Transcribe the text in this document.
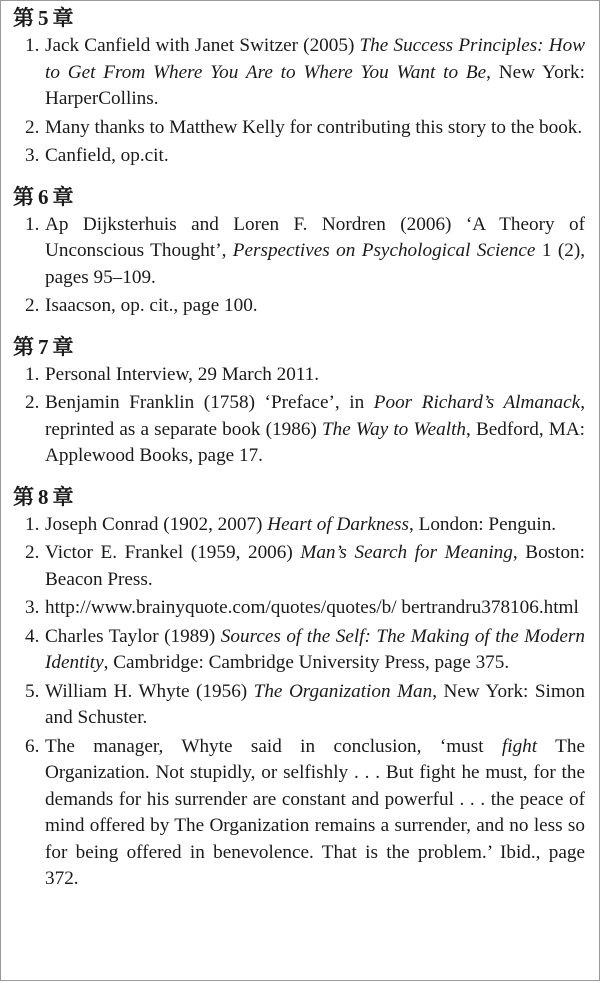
第 5 章
1. Jack Canfield with Janet Switzer (2005) The Success Principles: How to Get From Where You Are to Where You Want to Be, New York: HarperCollins.
2. Many thanks to Matthew Kelly for contributing this story to the book.
3. Canfield, op.cit.
第 6 章
1. Ap Dijksterhuis and Loren F. Nordren (2006) ‘A Theory of Unconscious Thought’, Perspectives on Psychological Science 1 (2), pages 95–109.
2. Isaacson, op. cit., page 100.
第 7 章
1. Personal Interview, 29 March 2011.
2. Benjamin Franklin (1758) ‘Preface’, in Poor Richard’s Almanack, reprinted as a separate book (1986) The Way to Wealth, Bedford, MA: Applewood Books, page 17.
第 8 章
1. Joseph Conrad (1902, 2007) Heart of Darkness, London: Penguin.
2. Victor E. Frankel (1959, 2006) Man’s Search for Meaning, Boston: Beacon Press.
3. http://www.brainyquote.com/quotes/quotes/b/ bertrandru378106.html
4. Charles Taylor (1989) Sources of the Self: The Making of the Modern Identity, Cambridge: Cambridge University Press, page 375.
5. William H. Whyte (1956) The Organization Man, New York: Simon and Schuster.
6. The manager, Whyte said in conclusion, ‘must fight The Organization. Not stupidly, or selfishly . . . But fight he must, for the demands for his surrender are constant and powerful . . . the peace of mind offered by The Organization remains a surrender, and no less so for being offered in benevolence. That is the problem.’ Ibid., page 372.
